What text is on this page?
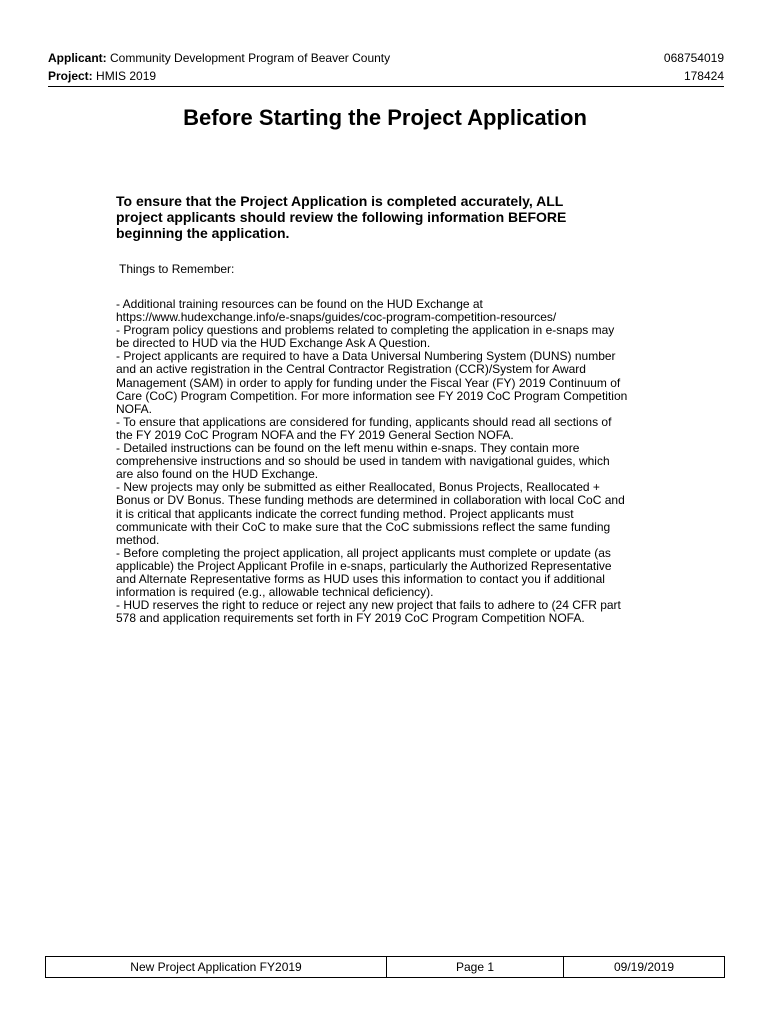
Applicant: Community Development Program of Beaver County	068754019
Project: HMIS 2019	178424
Before Starting the Project Application

To ensure that the Project Application is completed accurately, ALL
project applicants should review the following information BEFORE
beginning the application.

Things to Remember:
- Additional training resources can be found on the HUD Exchange at
https://www.hudexchange.info/e-snaps/guides/coc-program-competition-resources/
- Program policy questions and problems related to completing the application in e-snaps may
be directed to HUD via the HUD Exchange Ask A Question.
- Project applicants are required to have a Data Universal Numbering System (DUNS) number
and an active registration in the Central Contractor Registration (CCR)/System for Award
Management (SAM) in order to apply for funding under the Fiscal Year (FY) 2019 Continuum of
Care (CoC) Program Competition. For more information see FY 2019 CoC Program Competition
NOFA.
- To ensure that applications are considered for funding, applicants should read all sections of
the FY 2019 CoC Program NOFA and the FY 2019 General Section NOFA.
- Detailed instructions can be found on the left menu within e-snaps. They contain more
comprehensive instructions and so should be used in tandem with navigational guides, which
are also found on the HUD Exchange.
- New projects may only be submitted as either Reallocated, Bonus Projects, Reallocated +
Bonus or DV Bonus. These funding methods are determined in collaboration with local CoC and
it is critical that applicants indicate the correct funding method. Project applicants must
communicate with their CoC to make sure that the CoC submissions reflect the same funding
method.
- Before completing the project application, all project applicants must complete or update (as
applicable) the Project Applicant Profile in e-snaps, particularly the Authorized Representative
and Alternate Representative forms as HUD uses this information to contact you if additional
information is required (e.g., allowable technical deficiency).
- HUD reserves the right to reduce or reject any new project that fails to adhere to (24 CFR part
578 and application requirements set forth in FY 2019 CoC Program Competition NOFA.
New Project Application FY2019	Page 1	09/19/2019
